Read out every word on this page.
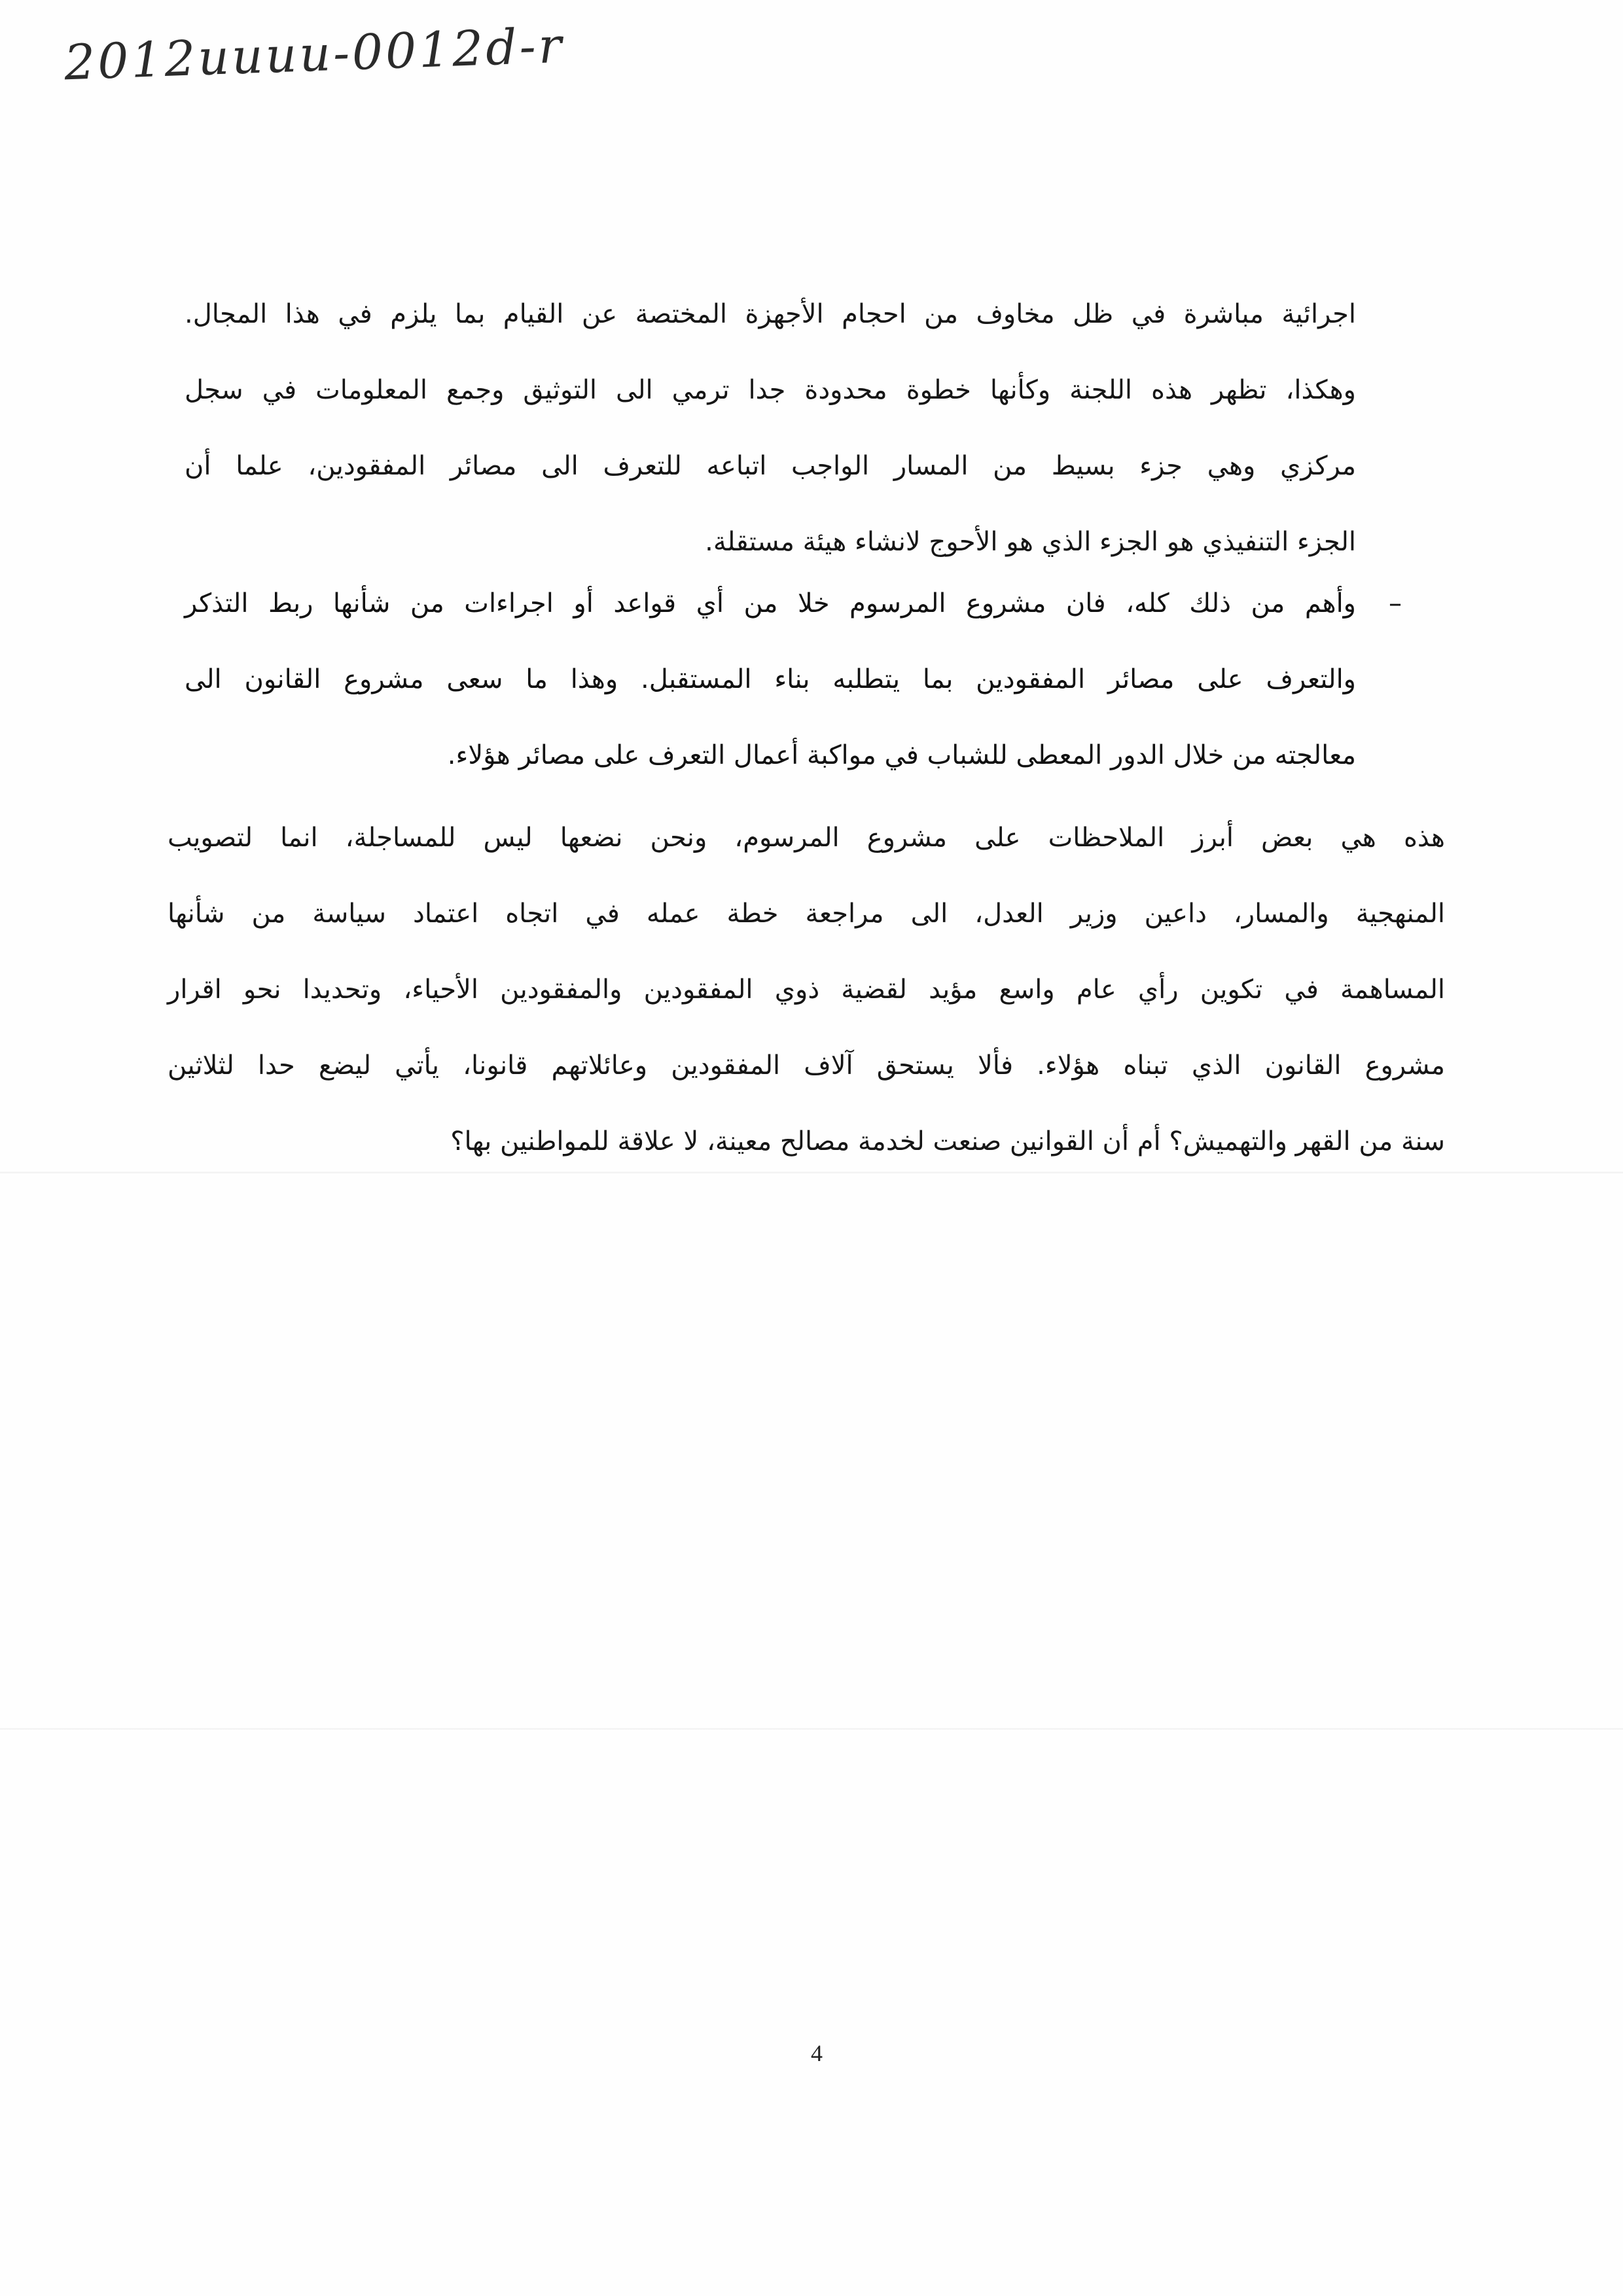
2012uuuu-0012d-r
اجرائية مباشرة في ظل مخاوف من احجام الأجهزة المختصة عن القيام بما يلزم في هذا المجال.
وهكذا، تظهر هذه اللجنة وكأنها خطوة محدودة جدا ترمي الى التوثيق وجمع المعلومات في سجل
مركزي وهي جزء بسيط من المسار الواجب اتباعه للتعرف الى مصائر المفقودين، علما أن
الجزء التنفيذي هو الجزء الذي هو الأحوج لانشاء هيئة مستقلة.
–
وأهم من ذلك كله، فان مشروع المرسوم خلا من أي قواعد أو اجراءات من شأنها ربط التذكر
والتعرف على مصائر المفقودين بما يتطلبه بناء المستقبل. وهذا ما سعى مشروع القانون الى
معالجته من خلال الدور المعطى للشباب في مواكبة أعمال التعرف على مصائر هؤلاء.
هذه هي بعض أبرز الملاحظات على مشروع المرسوم، ونحن نضعها ليس للمساجلة، انما لتصويب
المنهجية والمسار، داعين وزير العدل، الى مراجعة خطة عمله في اتجاه اعتماد سياسة من شأنها
المساهمة في تكوين رأي عام واسع مؤيد لقضية ذوي المفقودين والمفقودين الأحياء، وتحديدا نحو اقرار
مشروع القانون الذي تبناه هؤلاء. فألا يستحق آلاف المفقودين وعائلاتهم قانونا، يأتي ليضع حدا لثلاثين
سنة من القهر والتهميش؟ أم أن القوانين صنعت لخدمة مصالح معينة، لا علاقة للمواطنين بها؟
4
